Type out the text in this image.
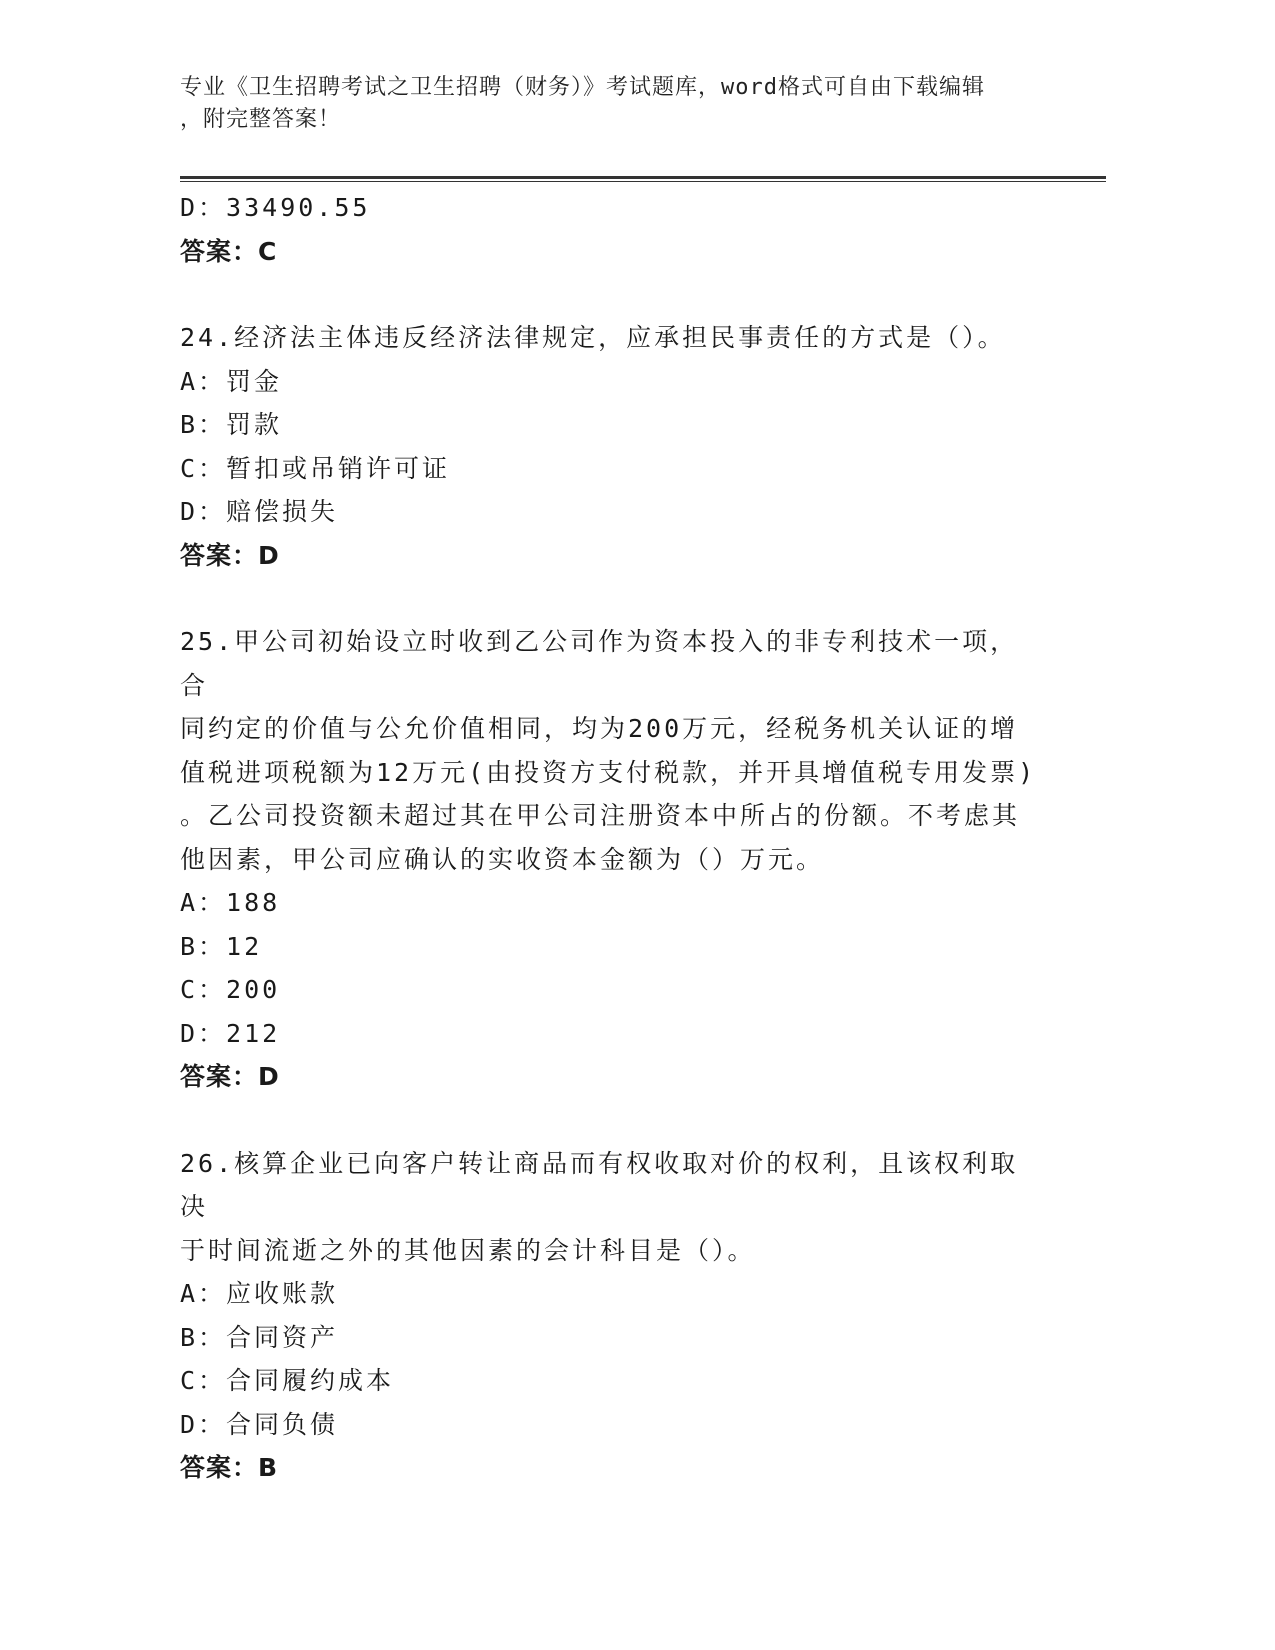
专业《卫生招聘考试之卫生招聘（财务）》考试题库，word格式可自由下载编辑
，附完整答案！
D：33490.55
答案：C
24.经济法主体违反经济法律规定，应承担民事责任的方式是（）。
A：罚金
B：罚款
C：暂扣或吊销许可证
D：赔偿损失
答案：D
25.甲公司初始设立时收到乙公司作为资本投入的非专利技术一项，合
同约定的价值与公允价值相同，均为200万元，经税务机关认证的增
值税进项税额为12万元(由投资方支付税款，并开具增值税专用发票)
。乙公司投资额未超过其在甲公司注册资本中所占的份额。不考虑其
他因素，甲公司应确认的实收资本金额为（）万元。
A：188
B：12
C：200
D：212
答案：D
26.核算企业已向客户转让商品而有权收取对价的权利，且该权利取决
于时间流逝之外的其他因素的会计科目是（）。
A：应收账款
B：合同资产
C：合同履约成本
D：合同负债
答案：B
